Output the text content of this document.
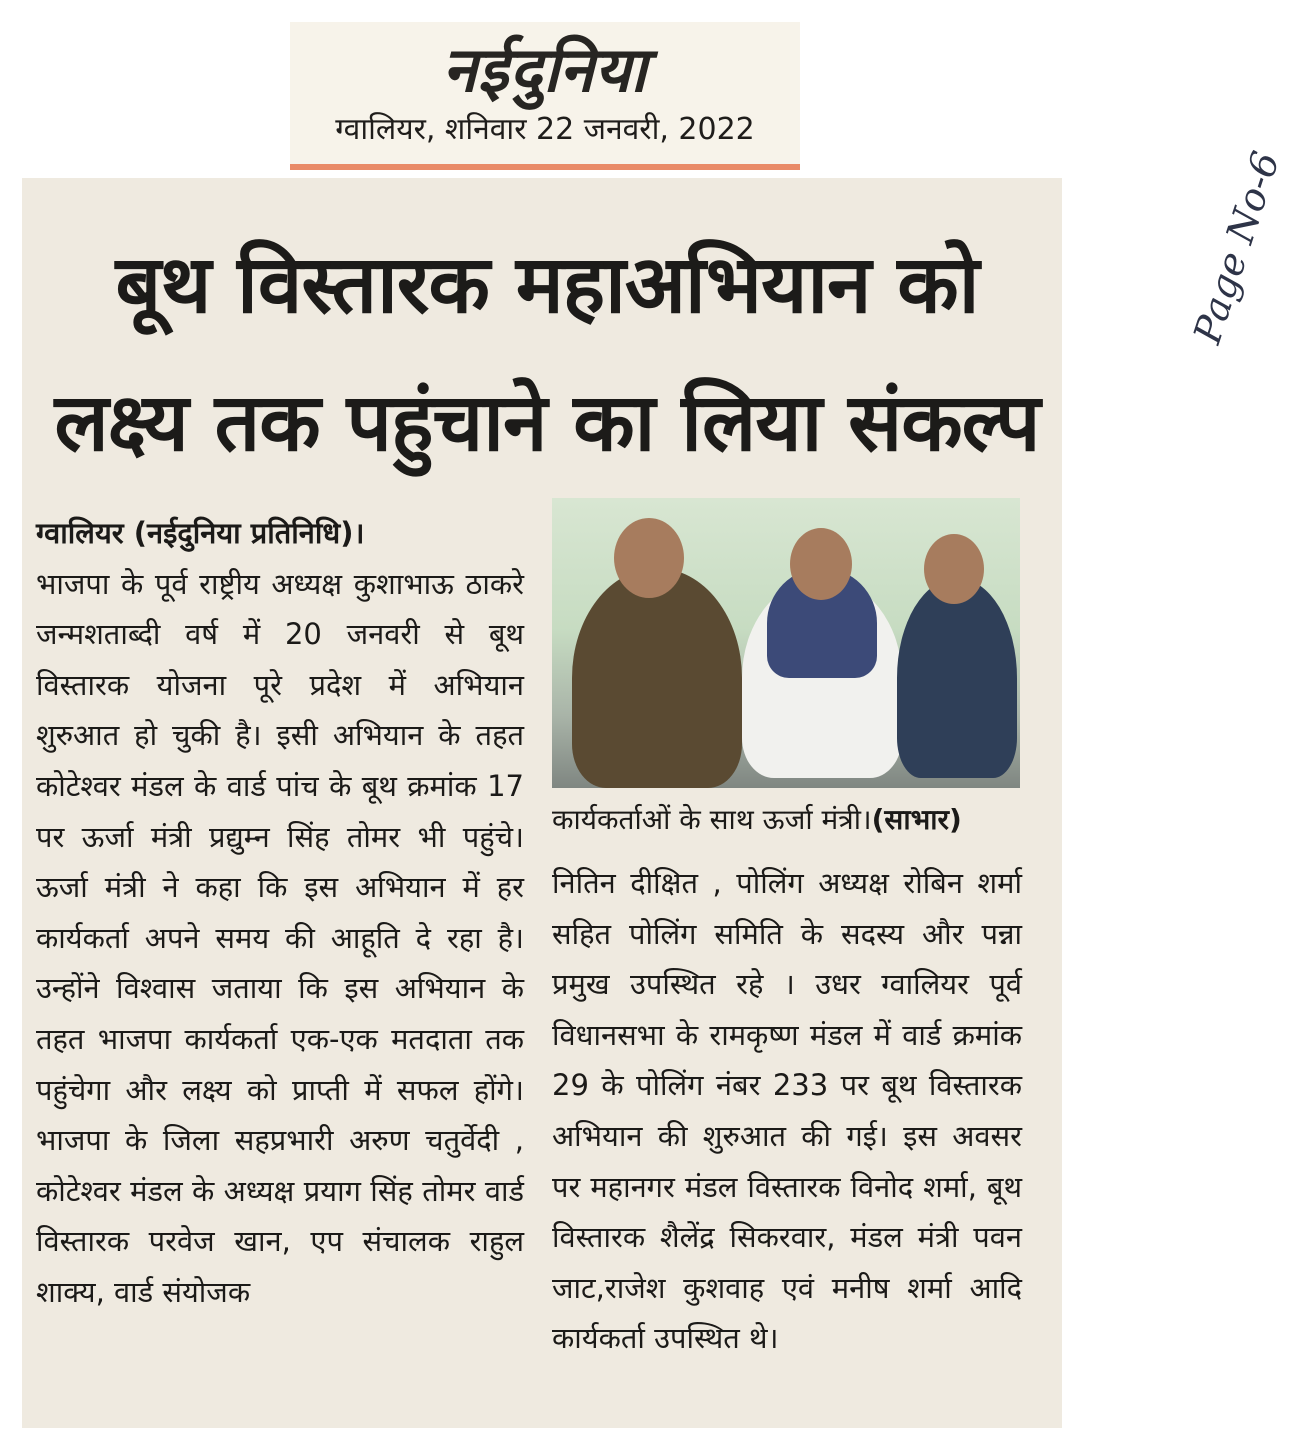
नईदुनिया
ग्वालियर, शनिवार 22 जनवरी, 2022
Page No-6
बूथ विस्तारक महाअभियान को
लक्ष्य तक पहुंचाने का लिया संकल्प
ग्वालियर (नईदुनिया प्रतिनिधि)।
भाजपा के पूर्व राष्ट्रीय अध्यक्ष कुशाभाऊ ठाकरे जन्मशताब्दी वर्ष में 20 जनवरी से बूथ विस्तारक योजना पूरे प्रदेश में अभियान शुरुआत हो चुकी है। इसी अभियान के तहत कोटेश्वर मंडल के वार्ड पांच के बूथ क्रमांक 17 पर ऊर्जा मंत्री प्रद्युम्न सिंह तोमर भी पहुंचे। ऊर्जा मंत्री ने कहा कि इस अभियान में हर कार्यकर्ता अपने समय की आहूति दे रहा है। उन्होंने विश्वास जताया कि इस अभियान के तहत भाजपा कार्यकर्ता एक-एक मतदाता तक पहुंचेगा और लक्ष्य को प्राप्ती में सफल होंगे। भाजपा के जिला सहप्रभारी अरुण चतुर्वेदी , कोटेश्वर मंडल के अध्यक्ष प्रयाग सिंह तोमर वार्ड विस्तारक परवेज खान, एप संचालक राहुल शाक्य, वार्ड संयोजक
कार्यकर्ताओं के साथ ऊर्जा मंत्री।(साभार)
नितिन दीक्षित , पोलिंग अध्यक्ष रोबिन शर्मा सहित पोलिंग समिति के सदस्य और पन्ना प्रमुख उपस्थित रहे । उधर ग्वालियर पूर्व विधानसभा के रामकृष्ण मंडल में वार्ड क्रमांक 29 के पोलिंग नंबर 233 पर बूथ विस्तारक अभियान की शुरुआत की गई। इस अवसर पर महानगर मंडल विस्तारक विनोद शर्मा, बूथ विस्तारक शैलेंद्र सिकरवार, मंडल मंत्री पवन जाट,राजेश कुशवाह एवं मनीष शर्मा आदि कार्यकर्ता उपस्थित थे।
